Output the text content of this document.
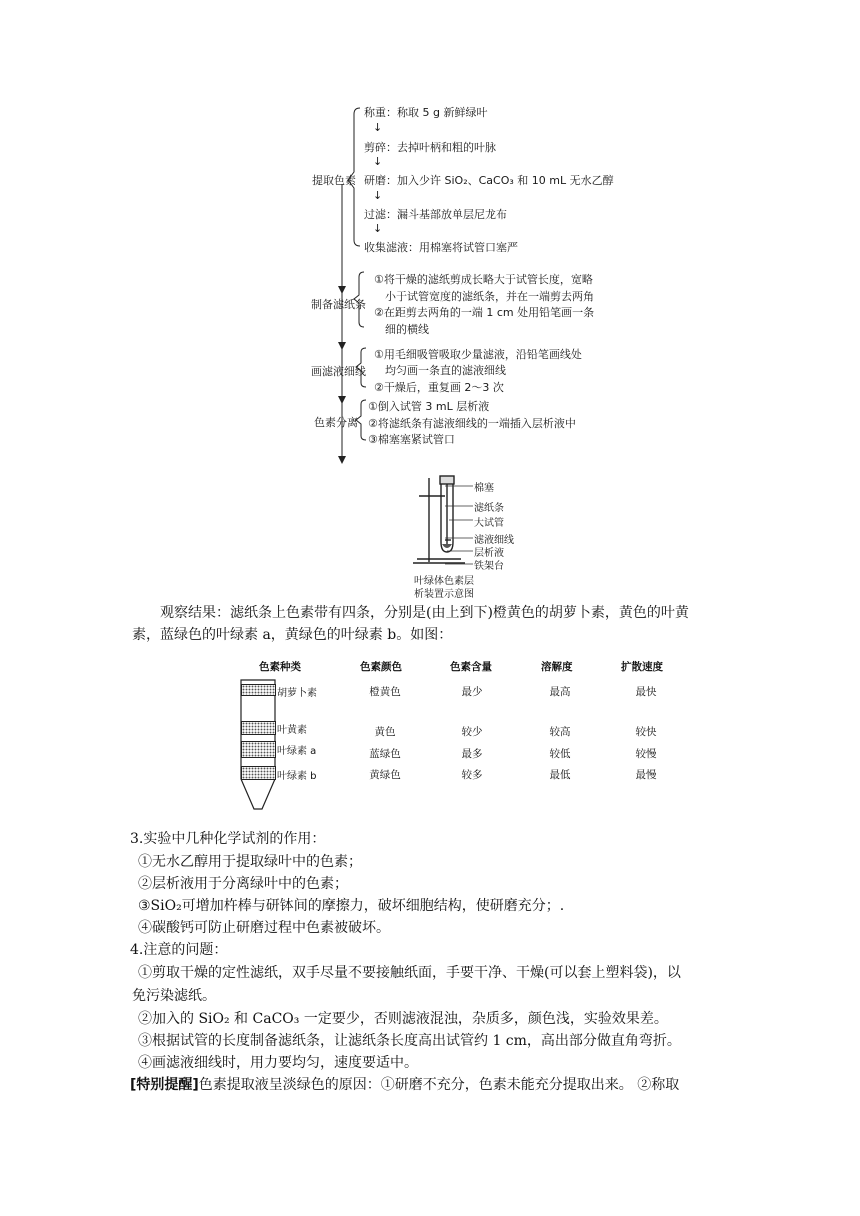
提取色素
制备滤纸条
画滤液细线
色素分离
称重：称取 5 g 新鲜绿叶
↓
剪碎：去掉叶柄和粗的叶脉
↓
研磨：加入少许 SiO₂、CaCO₃ 和 10 mL 无水乙醇
↓
过滤：漏斗基部放单层尼龙布
↓
收集滤液：用棉塞将试管口塞严
①将干燥的滤纸剪成长略大于试管长度，宽略
小于试管宽度的滤纸条，并在一端剪去两角
②在距剪去两角的一端 1 cm 处用铅笔画一条
细的横线
①用毛细吸管吸取少量滤液，沿铅笔画线处
均匀画一条直的滤液细线
②干燥后，重复画 2～3 次
①倒入试管 3 mL 层析液
②将滤纸条有滤液细线的一端插入层析液中
③棉塞塞紧试管口
棉塞
滤纸条
大试管
滤液细线
层析液
铁架台
叶绿体色素层
析装置示意图
观察结果：滤纸条上色素带有四条，分别是(由上到下)橙黄色的胡萝卜素，黄色的叶黄
素，蓝绿色的叶绿素 a，黄绿色的叶绿素 b。如图：
色素种类	色素颜色	色素含量	溶解度	扩散速度
胡萝卜素	橙黄色	最少	最高	最快
叶黄素	黄色	较少	较高	较快
叶绿素 a	蓝绿色	最多	较低	较慢
叶绿素 b	黄绿色	较多	最低	最慢
3.实验中几种化学试剂的作用：
①无水乙醇用于提取绿叶中的色素；
②层析液用于分离绿叶中的色素；
③SiO₂可增加杵棒与研钵间的摩擦力，破坏细胞结构，使研磨充分；.
④碳酸钙可防止研磨过程中色素被破坏。
4.注意的问题：
①剪取干燥的定性滤纸，双手尽量不要接触纸面，手要干净、干燥(可以套上塑料袋)，以
免污染滤纸。
②加入的 SiO₂ 和 CaCO₃ 一定要少，否则滤液混浊，杂质多，颜色浅，实验效果差。
③根据试管的长度制备滤纸条，让滤纸条长度高出试管约 1 cm，高出部分做直角弯折。
④画滤液细线时，用力要均匀，速度要适中。
[特别提醒]色素提取液呈淡绿色的原因：①研磨不充分，色素未能充分提取出来。 ②称取
